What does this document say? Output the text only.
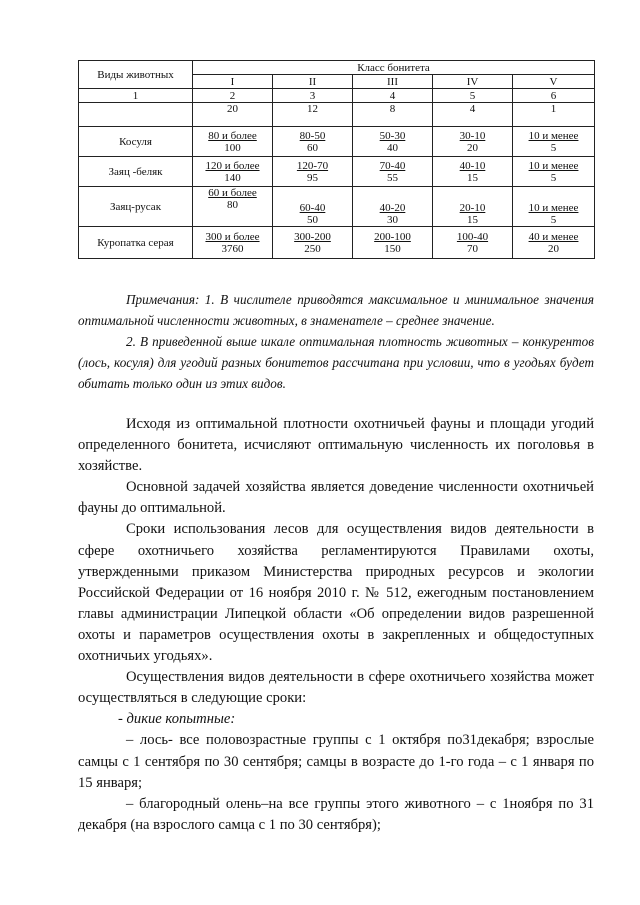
Виды животных	Класс бонитета				
	I	II	III	IV	V
1	2	3	4	5	6
	20	12	8	4	1
Косуля	$\frac{\text{80 и более}}{100}$	$\frac{80-50}{60}$	$\frac{50-30}{40}$	$\frac{30-10}{20}$	$\frac{\text{10 и менее}}{5}$

Заяц -беляк	$\frac{\text{120 и более}}{140}$	$\frac{120-70}{95}$	$\frac{70-40}{55}$	$\frac{40-10}{15}$	$\frac{\text{10 и менее}}{5}$

Заяц-русак	$\frac{\text{60 и более}}{80}$	$\frac{60-40}{50}$	$\frac{40-20}{30}$	$\frac{20-10}{15}$	$\frac{\text{10 и менее}}{5}$

Куропатка серая	$\frac{\text{300 и более}}{3760}$	$\frac{300-200}{250}$	$\frac{200-100}{150}$	$\frac{100-40}{70}$	$\frac{\text{40 и менее}}{20}$

Примечания: 1. В числителе приводятся максимальное и минимальное значения оптимальной численности животных, в знаменателе – среднее значение.

2. В приведенной выше шкале оптимальная плотность животных – конкурентов (лось, косуля) для угодий разных бонитетов рассчитана при условии, что в угодьях будет обитать только один из этих видов.

Исходя из оптимальной плотности охотничьей фауны и площади угодий определенного бонитета, исчисляют оптимальную численность их поголовья в хозяйстве.

Основной задачей хозяйства является доведение численности охотничьей фауны до оптимальной.

Сроки использования лесов для осуществления видов деятельности в сфере охотничьего хозяйства регламентируются Правилами охоты, утвержденными приказом Министерства природных ресурсов и экологии Российской Федерации от 16 ноября 2010 г. № 512, ежегодным постановлением главы администрации Липецкой области «Об определении видов разрешенной охоты и параметров осуществления охоты в закрепленных и общедоступных охотничьих угодьях».

Осуществления видов деятельности в сфере охотничьего хозяйства может осуществляться в следующие сроки:

- дикие копытные:

– лось- все половозрастные группы с 1 октября по31декабря; взрослые самцы с 1 сентября по 30 сентября; самцы в возрасте до 1-го года – с 1 января по 15 января;

– благородный олень–на все группы этого животного – с 1ноября по 31 декабря (на взрослого самца с 1 по 30 сентября);
